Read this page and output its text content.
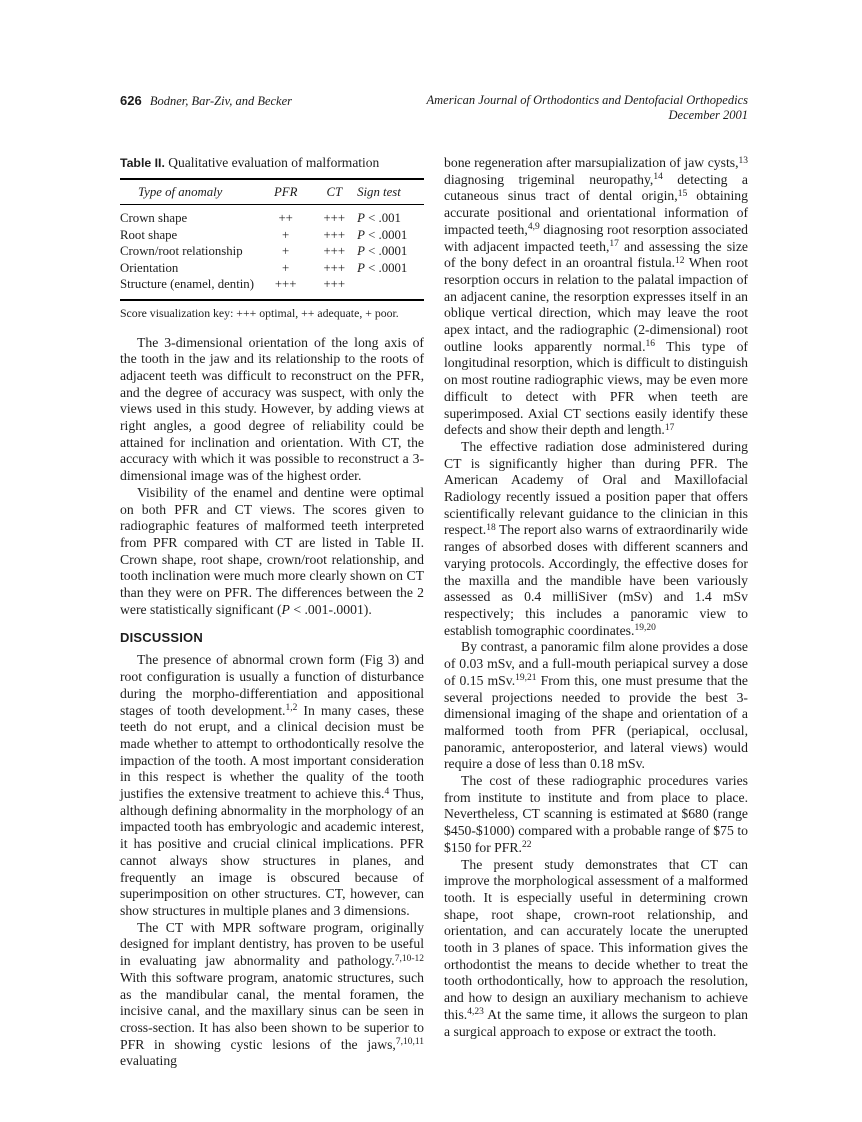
626 Bodner, Bar-Ziv, and Becker	American Journal of Orthodontics and Dentofacial Orthopedics
December 2001
Table II. Qualitative evaluation of malformation
Type of anomaly	PFR	CT	Sign test

Crown shape	++	+++	P < .001

Root shape	+	+++	P < .0001

Crown/root relationship	+	+++	P < .0001

Orientation	+	+++	P < .0001

Structure (enamel, dentin)	+++	+++	

Score visualization key: +++ optimal, ++ adequate, + poor.

The 3-dimensional orientation of the long axis of the tooth in the jaw and its relationship to the roots of adjacent teeth was difficult to reconstruct on the PFR, and the degree of accuracy was suspect, with only the views used in this study. However, by adding views at right angles, a good degree of reliability could be attained for inclination and orientation. With CT, the accuracy with which it was possible to reconstruct a 3-dimensional image was of the highest order.

Visibility of the enamel and dentine were optimal on both PFR and CT views. The scores given to radiographic features of malformed teeth interpreted from PFR compared with CT are listed in Table II. Crown shape, root shape, crown/root relationship, and tooth inclination were much more clearly shown on CT than they were on PFR. The differences between the 2 were statistically significant (P < .001-.0001).

DISCUSSION

The presence of abnormal crown form (Fig 3) and root configuration is usually a function of disturbance during the morpho-differentiation and appositional stages of tooth development.$^{1,2}$ In many cases, these teeth do not erupt, and a clinical decision must be made whether to attempt to orthodontically resolve the impaction of the tooth. A most important consideration in this respect is whether the quality of the tooth justifies the extensive treatment to achieve this.$^4$ Thus, although defining abnormality in the morphology of an impacted tooth has embryologic and academic interest, it has positive and crucial clinical implications. PFR cannot always show structures in planes, and frequently an image is obscured because of superimposition on other structures. CT, however, can show structures in multiple planes and 3 dimensions.

The CT with MPR software program, originally designed for implant dentistry, has proven to be useful in evaluating jaw abnormality and pathology.$^{7,10-12}$ With this software program, anatomic structures, such as the mandibular canal, the mental foramen, the incisive canal, and the maxillary sinus can be seen in cross-section. It has also been shown to be superior to PFR in showing cystic lesions of the jaws,$^{7,10,11}$ evaluating

bone regeneration after marsupialization of jaw cysts,$^{13}$ diagnosing trigeminal neuropathy,$^{14}$ detecting a cutaneous sinus tract of dental origin,$^{15}$ obtaining accurate positional and orientational information of impacted teeth,$^{4,9}$ diagnosing root resorption associated with adjacent impacted teeth,$^{17}$ and assessing the size of the bony defect in an oroantral fistula.$^{12}$ When root resorption occurs in relation to the palatal impaction of an adjacent canine, the resorption expresses itself in an oblique vertical direction, which may leave the root apex intact, and the radiographic (2-dimensional) root outline looks apparently normal.$^{16}$ This type of longitudinal resorption, which is difficult to distinguish on most routine radiographic views, may be even more difficult to detect with PFR when teeth are superimposed. Axial CT sections easily identify these defects and show their depth and length.$^{17}$

The effective radiation dose administered during CT is significantly higher than during PFR. The American Academy of Oral and Maxillofacial Radiology recently issued a position paper that offers scientifically relevant guidance to the clinician in this respect.$^{18}$ The report also warns of extraordinarily wide ranges of absorbed doses with different scanners and varying protocols. Accordingly, the effective doses for the maxilla and the mandible have been variously assessed as 0.4 milliSiver (mSv) and 1.4 mSv respectively; this includes a panoramic view to establish tomographic coordinates.$^{19,20}$

By contrast, a panoramic film alone provides a dose of 0.03 mSv, and a full-mouth periapical survey a dose of 0.15 mSv.$^{19,21}$ From this, one must presume that the several projections needed to provide the best 3-dimensional imaging of the shape and orientation of a malformed tooth from PFR (periapical, occlusal, panoramic, anteroposterior, and lateral views) would require a dose of less than 0.18 mSv.

The cost of these radiographic procedures varies from institute to institute and from place to place. Nevertheless, CT scanning is estimated at $680 (range $450-$1000) compared with a probable range of $75 to $150 for PFR.$^{22}$

The present study demonstrates that CT can improve the morphological assessment of a malformed tooth. It is especially useful in determining crown shape, root shape, crown-root relationship, and orientation, and can accurately locate the unerupted tooth in 3 planes of space. This information gives the orthodontist the means to decide whether to treat the tooth orthodontically, how to approach the resolution, and how to design an auxiliary mechanism to achieve this.$^{4,23}$ At the same time, it allows the surgeon to plan a surgical approach to expose or extract the tooth.
